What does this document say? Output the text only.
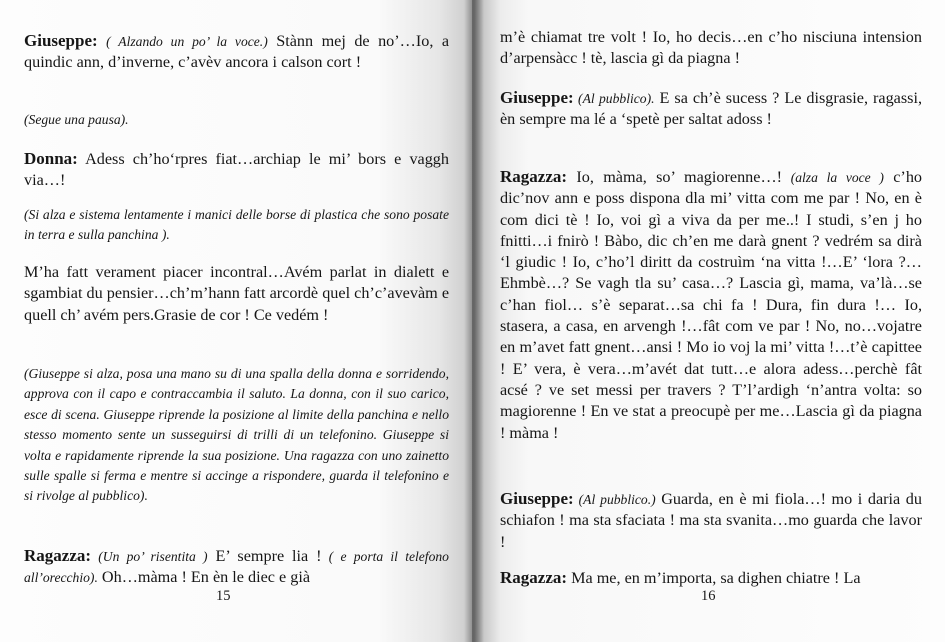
Giuseppe: ( Alzando un po’ la voce.) Stànn mej de no’…Io, a quindic ann, d’inverne, c’avèv ancora i calson cort !

(Segue una pausa).

Donna: Adess ch’ho‘rpres fiat…archiap le mi’ bors e vaggh via…!

(Si alza e sistema lentamente i manici delle borse di plastica che sono posate in terra e sulla panchina ).

M’ha fatt verament piacer incontral…Avém parlat in dialett e sgambiat du pensier…ch’m’hann fatt arcordè quel ch’c’avevàm e quell ch’ avém pers.Grasie de cor ! Ce vedém !

(Giuseppe si alza, posa una mano su di una spalla della donna e sorridendo, approva con il capo e contraccambia il saluto. La donna, con il suo carico, esce di scena. Giuseppe riprende la posizione al limite della panchina e nello stesso momento sente un susseguirsi di trilli di un telefonino. Giuseppe si volta e rapidamente riprende la sua posizione. Una ragazza con uno zainetto sulle spalle si ferma e mentre si accinge a rispondere, guarda il telefonino e si rivolge al pubblico).

Ragazza: (Un po’ risentita ) E’ sempre lia ! ( e porta il telefono all’orecchio). Oh…màma ! En èn le diec e già

15

m’è chiamat tre volt ! Io, ho decis…en c’ho nisciuna intension d’arpensàcc ! tè, lascia gì da piagna !

Giuseppe: (Al pubblico). E sa ch’è sucess ? Le disgrasie, ragassi, èn sempre ma lé a ‘spetè per saltat adoss !

Ragazza: Io, màma, so’ magiorenne…! (alza la voce ) c’ho dic’nov ann e poss dispona dla mi’ vitta com me par ! No, en è com dici tè ! Io, voi gì a viva da per me..! I studi, s’en j ho fnitti…i fnirò ! Bàbo, dic ch’en me darà gnent ? vedrém sa dirà ‘l giudic ! Io, c’ho’l diritt da costruìm ‘na vitta !…E’ ‘lora ?…Ehmbè…? Se vagh tla su’ casa…? Lascia gì, mama, va’là…se c’han fiol… s’è separat…sa chi fa ! Dura, fin dura !… Io, stasera, a casa, en arvengh !…fât com ve par ! No, no…vojatre en m’avet fatt gnent…ansi ! Mo io voj la mi’ vitta !…t’è capittee ! E’ vera, è vera…m’avét dat tutt…e alora adess…perchè fât acsé ? ve set messi per travers ? T’l’ardigh ‘n’antra volta: so magiorenne ! En ve stat a preocupè per me…Lascia gì da piagna ! màma !

Giuseppe: (Al pubblico.) Guarda, en è mi fiola…! mo i daria du schiafon ! ma sta sfaciata ! ma sta svanita…mo guarda che lavor !

Ragazza: Ma me, en m’importa, sa dighen chiatre ! La

16
